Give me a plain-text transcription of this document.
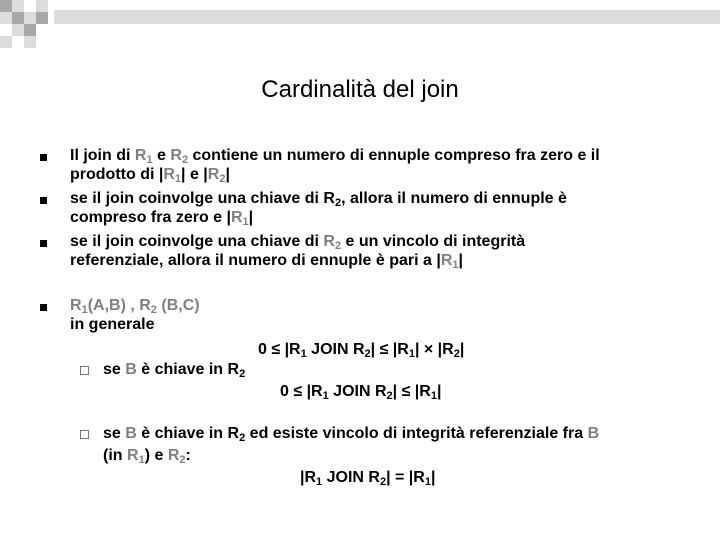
Cardinalità del join
Il join di $R_1$ e $R_2$ contiene un numero di ennuple compreso fra zero e il
prodotto di $|R_1|$ e $|R_2|$
se il join coinvolge una chiave di $R_2$, allora il numero di ennuple è
compreso fra zero e $|R_1|$
se il join coinvolge una chiave di $R_2$ e un vincolo di integrità
referenziale, allora il numero di ennuple è pari a $|R_1|$
$R_1(A,B)$ , $R_2$ (B,C)
in generale
$0 \le |R_1$ JOIN $R_2| \le |R_1| \times |R_2|$
se B è chiave in $R_2$
$0 \le |R_1$ JOIN $R_2| \le |R_1|$
se B è chiave in $R_2$ ed esiste vincolo di integrità referenziale fra B
(in $R_1$) e $R_2$:
$|R_1$ JOIN $R_2| = |R_1|$
